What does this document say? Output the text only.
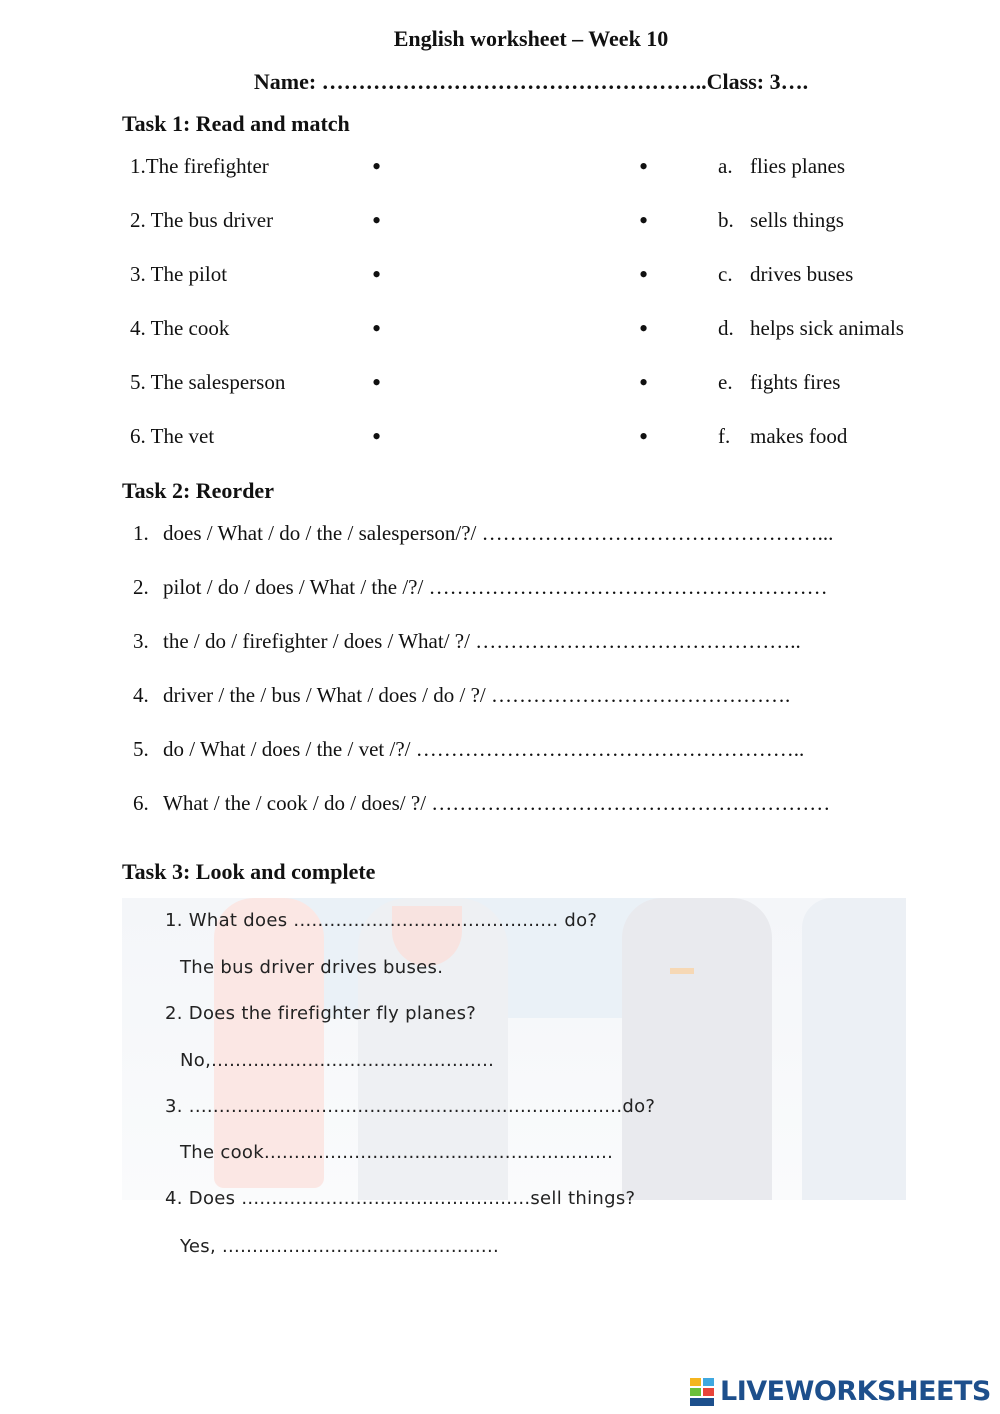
English worksheet – Week 10
Name: ……………………………………………..Class: 3….
Task 1: Read and match
1.The firefighter
2. The bus driver
3. The pilot
4. The cook
5. The salesperson
6. The vet
•
•
•
•
•
•
•
•
•
•
•
•
a. flies planes
b. sells things
c. drives buses
d. helps sick animals
e. fights fires
f. makes food
Task 2: Reorder
1. does / What / do / the / salesperson/?/ …………………………………………...
2. pilot / do / does / What / the /?/ …………………………………………………
3. the / do / firefighter / does / What/ ?/ ………………………………………..
4. driver / the / bus / What / does / do / ?/ …………………………………….
5. do / What / does / the / vet /?/ ………………………………………………..
6. What / the / cook / do / does/ ?/ …………………………………………………
Task 3: Look and complete
1. What does ............................................ do?
The bus driver drives buses.
2. Does the firefighter fly planes?
No,...............................................
3. ........................................................................do?
The cook..........................................................
4. Does ................................................sell things?
Yes, ..............................................
LIVEWORKSHEETS
